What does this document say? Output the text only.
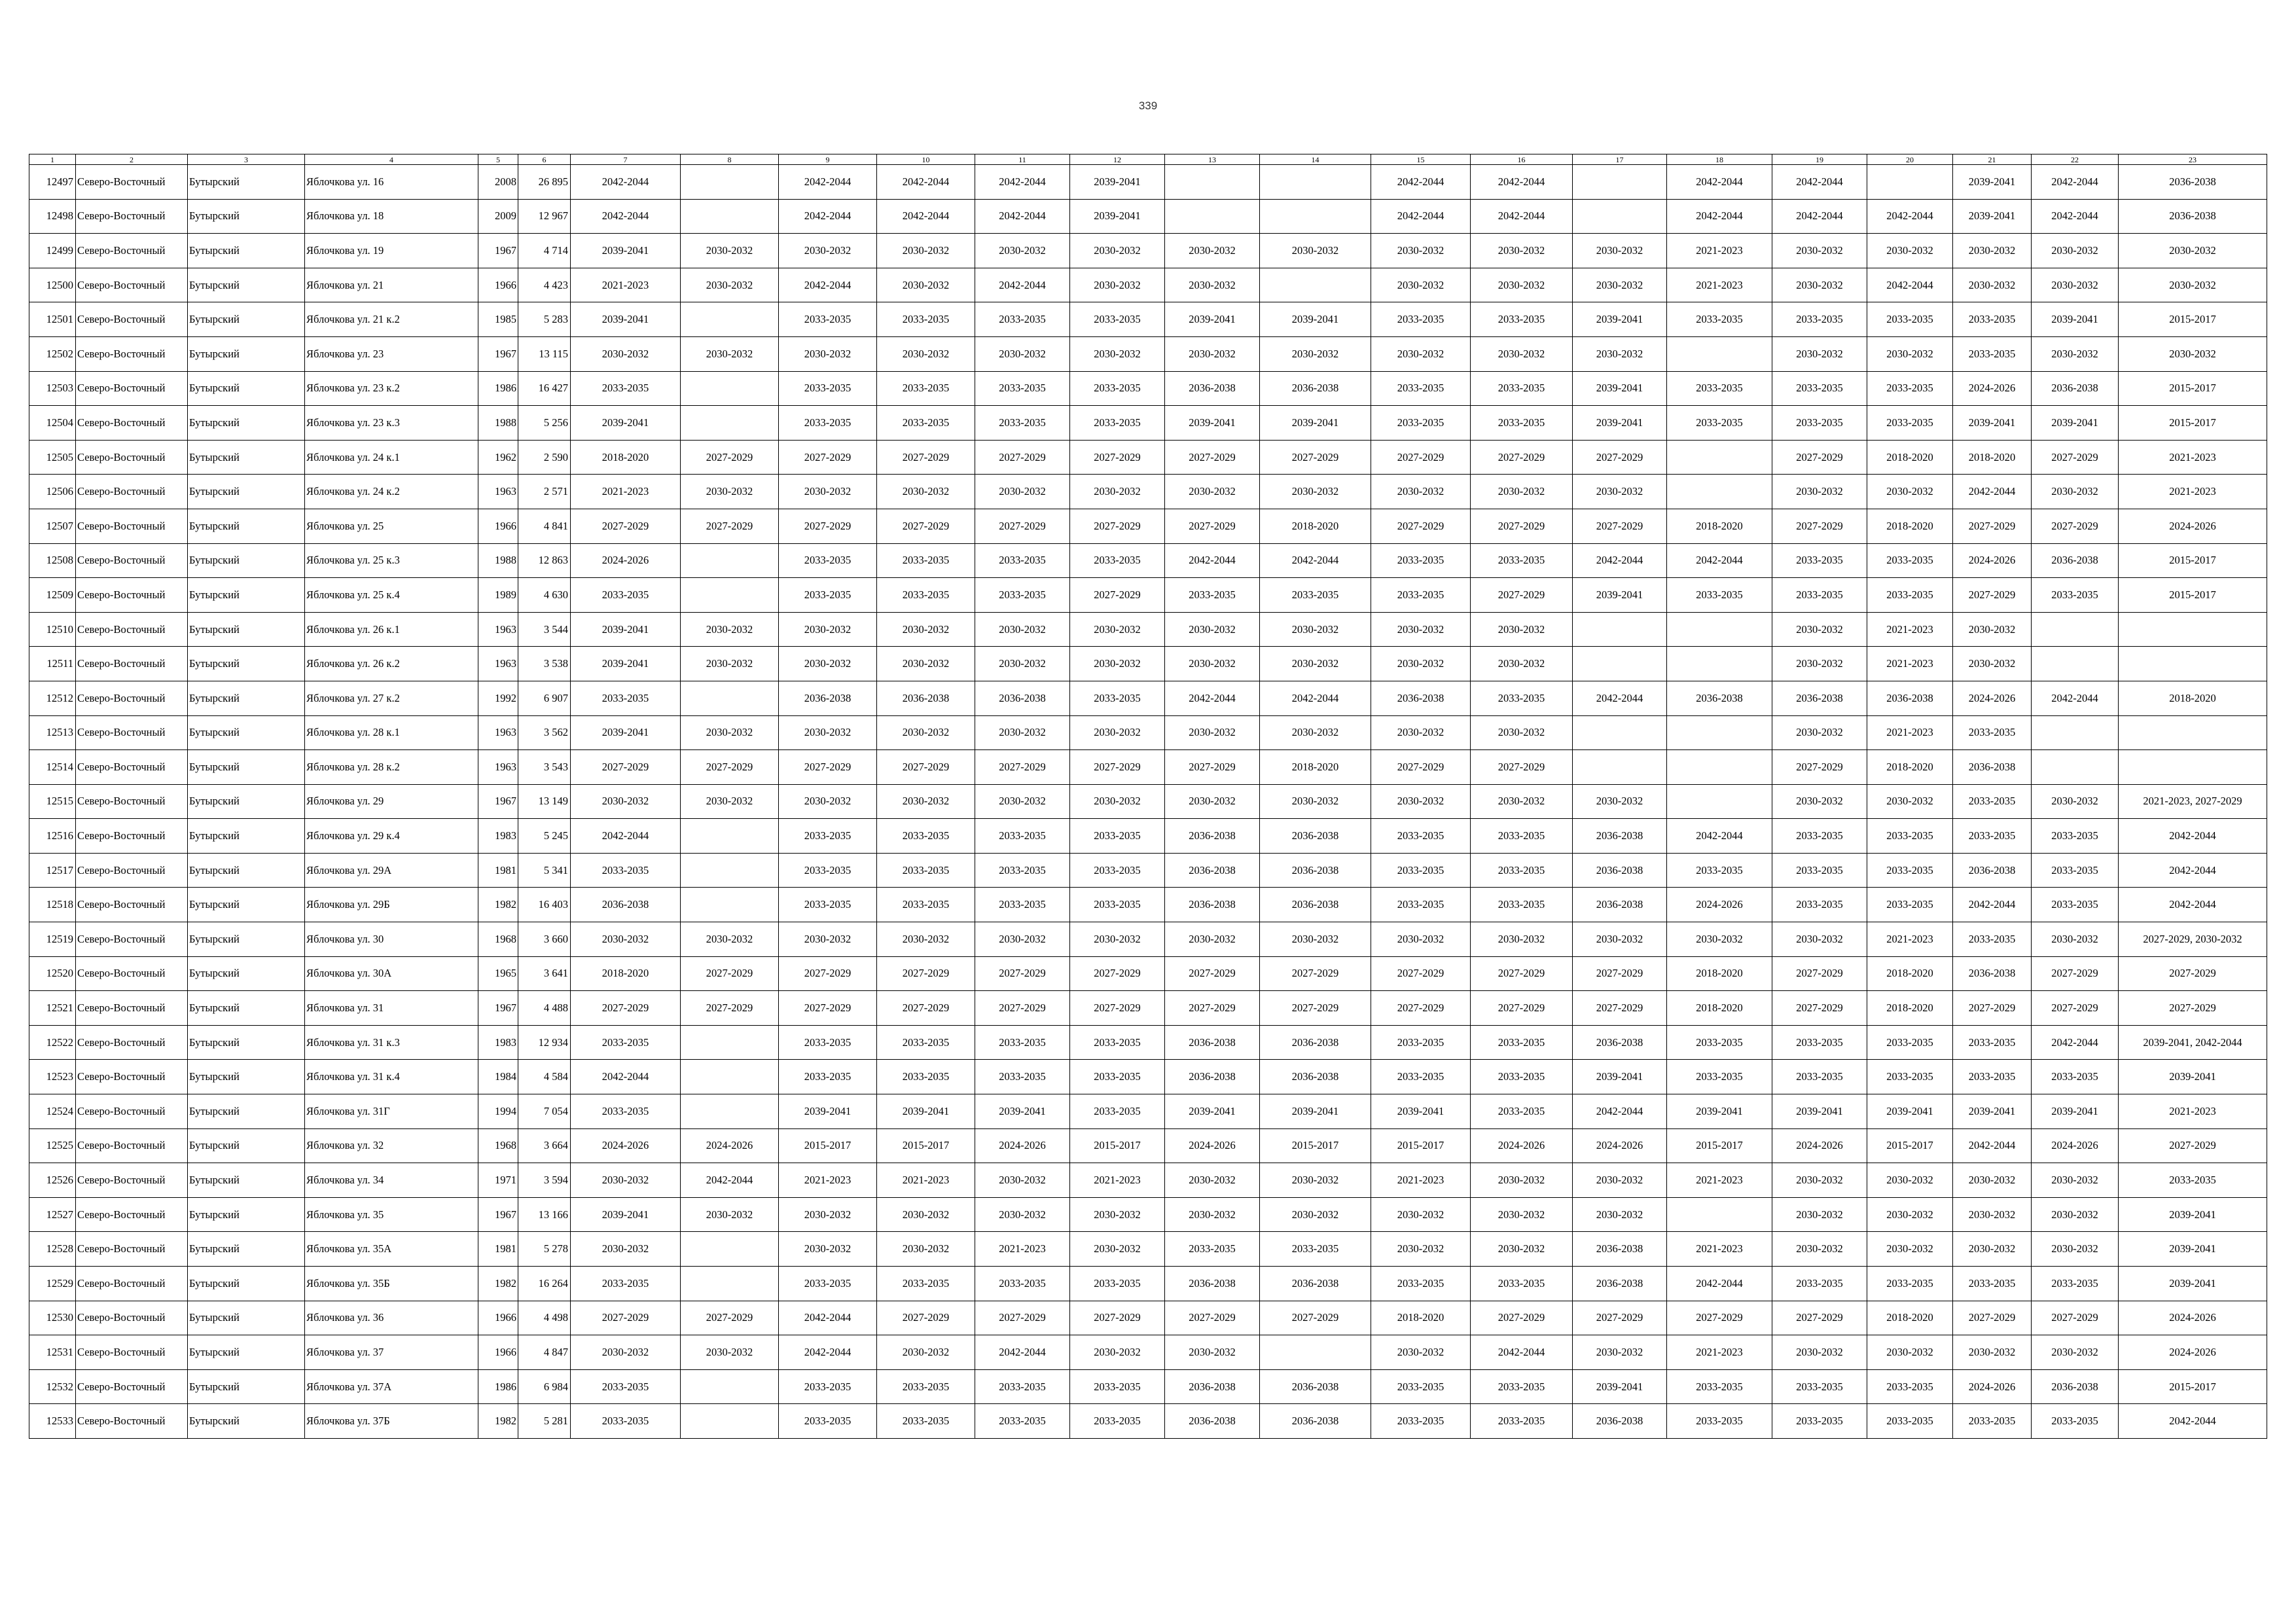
339
1	2	3	4	5	6	7	8	9	10	11	12	13	14	15	16	17	18	19	20	21	22	23
12497	Северо-Восточный	Бутырский	Яблочкова ул. 16	2008	26 895	2042-2044		2042-2044	2042-2044	2042-2044	2039-2041			2042-2044	2042-2044		2042-2044	2042-2044		2039-2041	2042-2044	2036-2038
12498	Северо-Восточный	Бутырский	Яблочкова ул. 18	2009	12 967	2042-2044		2042-2044	2042-2044	2042-2044	2039-2041			2042-2044	2042-2044		2042-2044	2042-2044	2042-2044	2039-2041	2042-2044	2036-2038
12499	Северо-Восточный	Бутырский	Яблочкова ул. 19	1967	4 714	2039-2041	2030-2032	2030-2032	2030-2032	2030-2032	2030-2032	2030-2032	2030-2032	2030-2032	2030-2032	2030-2032	2021-2023	2030-2032	2030-2032	2030-2032	2030-2032	2030-2032
12500	Северо-Восточный	Бутырский	Яблочкова ул. 21	1966	4 423	2021-2023	2030-2032	2042-2044	2030-2032	2042-2044	2030-2032	2030-2032		2030-2032	2030-2032	2030-2032	2021-2023	2030-2032	2042-2044	2030-2032	2030-2032	2030-2032
12501	Северо-Восточный	Бутырский	Яблочкова ул. 21 к.2	1985	5 283	2039-2041		2033-2035	2033-2035	2033-2035	2033-2035	2039-2041	2039-2041	2033-2035	2033-2035	2039-2041	2033-2035	2033-2035	2033-2035	2033-2035	2039-2041	2015-2017
12502	Северо-Восточный	Бутырский	Яблочкова ул. 23	1967	13 115	2030-2032	2030-2032	2030-2032	2030-2032	2030-2032	2030-2032	2030-2032	2030-2032	2030-2032	2030-2032	2030-2032		2030-2032	2030-2032	2033-2035	2030-2032	2030-2032
12503	Северо-Восточный	Бутырский	Яблочкова ул. 23 к.2	1986	16 427	2033-2035		2033-2035	2033-2035	2033-2035	2033-2035	2036-2038	2036-2038	2033-2035	2033-2035	2039-2041	2033-2035	2033-2035	2033-2035	2024-2026	2036-2038	2015-2017
12504	Северо-Восточный	Бутырский	Яблочкова ул. 23 к.3	1988	5 256	2039-2041		2033-2035	2033-2035	2033-2035	2033-2035	2039-2041	2039-2041	2033-2035	2033-2035	2039-2041	2033-2035	2033-2035	2033-2035	2039-2041	2039-2041	2015-2017
12505	Северо-Восточный	Бутырский	Яблочкова ул. 24 к.1	1962	2 590	2018-2020	2027-2029	2027-2029	2027-2029	2027-2029	2027-2029	2027-2029	2027-2029	2027-2029	2027-2029	2027-2029		2027-2029	2018-2020	2018-2020	2027-2029	2021-2023
12506	Северо-Восточный	Бутырский	Яблочкова ул. 24 к.2	1963	2 571	2021-2023	2030-2032	2030-2032	2030-2032	2030-2032	2030-2032	2030-2032	2030-2032	2030-2032	2030-2032	2030-2032		2030-2032	2030-2032	2042-2044	2030-2032	2021-2023
12507	Северо-Восточный	Бутырский	Яблочкова ул. 25	1966	4 841	2027-2029	2027-2029	2027-2029	2027-2029	2027-2029	2027-2029	2027-2029	2018-2020	2027-2029	2027-2029	2027-2029	2018-2020	2027-2029	2018-2020	2027-2029	2027-2029	2024-2026
12508	Северо-Восточный	Бутырский	Яблочкова ул. 25 к.3	1988	12 863	2024-2026		2033-2035	2033-2035	2033-2035	2033-2035	2042-2044	2042-2044	2033-2035	2033-2035	2042-2044	2042-2044	2033-2035	2033-2035	2024-2026	2036-2038	2015-2017
12509	Северо-Восточный	Бутырский	Яблочкова ул. 25 к.4	1989	4 630	2033-2035		2033-2035	2033-2035	2033-2035	2027-2029	2033-2035	2033-2035	2033-2035	2027-2029	2039-2041	2033-2035	2033-2035	2033-2035	2027-2029	2033-2035	2015-2017
12510	Северо-Восточный	Бутырский	Яблочкова ул. 26 к.1	1963	3 544	2039-2041	2030-2032	2030-2032	2030-2032	2030-2032	2030-2032	2030-2032	2030-2032	2030-2032	2030-2032			2030-2032	2021-2023	2030-2032		
12511	Северо-Восточный	Бутырский	Яблочкова ул. 26 к.2	1963	3 538	2039-2041	2030-2032	2030-2032	2030-2032	2030-2032	2030-2032	2030-2032	2030-2032	2030-2032	2030-2032			2030-2032	2021-2023	2030-2032		
12512	Северо-Восточный	Бутырский	Яблочкова ул. 27 к.2	1992	6 907	2033-2035		2036-2038	2036-2038	2036-2038	2033-2035	2042-2044	2042-2044	2036-2038	2033-2035	2042-2044	2036-2038	2036-2038	2036-2038	2024-2026	2042-2044	2018-2020
12513	Северо-Восточный	Бутырский	Яблочкова ул. 28 к.1	1963	3 562	2039-2041	2030-2032	2030-2032	2030-2032	2030-2032	2030-2032	2030-2032	2030-2032	2030-2032	2030-2032			2030-2032	2021-2023	2033-2035		
12514	Северо-Восточный	Бутырский	Яблочкова ул. 28 к.2	1963	3 543	2027-2029	2027-2029	2027-2029	2027-2029	2027-2029	2027-2029	2027-2029	2018-2020	2027-2029	2027-2029			2027-2029	2018-2020	2036-2038		
12515	Северо-Восточный	Бутырский	Яблочкова ул. 29	1967	13 149	2030-2032	2030-2032	2030-2032	2030-2032	2030-2032	2030-2032	2030-2032	2030-2032	2030-2032	2030-2032	2030-2032		2030-2032	2030-2032	2033-2035	2030-2032	2021-2023, 2027-2029
12516	Северо-Восточный	Бутырский	Яблочкова ул. 29 к.4	1983	5 245	2042-2044		2033-2035	2033-2035	2033-2035	2033-2035	2036-2038	2036-2038	2033-2035	2033-2035	2036-2038	2042-2044	2033-2035	2033-2035	2033-2035	2033-2035	2042-2044
12517	Северо-Восточный	Бутырский	Яблочкова ул. 29А	1981	5 341	2033-2035		2033-2035	2033-2035	2033-2035	2033-2035	2036-2038	2036-2038	2033-2035	2033-2035	2036-2038	2033-2035	2033-2035	2033-2035	2036-2038	2033-2035	2042-2044
12518	Северо-Восточный	Бутырский	Яблочкова ул. 29Б	1982	16 403	2036-2038		2033-2035	2033-2035	2033-2035	2033-2035	2036-2038	2036-2038	2033-2035	2033-2035	2036-2038	2024-2026	2033-2035	2033-2035	2042-2044	2033-2035	2042-2044
12519	Северо-Восточный	Бутырский	Яблочкова ул. 30	1968	3 660	2030-2032	2030-2032	2030-2032	2030-2032	2030-2032	2030-2032	2030-2032	2030-2032	2030-2032	2030-2032	2030-2032	2030-2032	2030-2032	2021-2023	2033-2035	2030-2032	2027-2029, 2030-2032
12520	Северо-Восточный	Бутырский	Яблочкова ул. 30А	1965	3 641	2018-2020	2027-2029	2027-2029	2027-2029	2027-2029	2027-2029	2027-2029	2027-2029	2027-2029	2027-2029	2027-2029	2018-2020	2027-2029	2018-2020	2036-2038	2027-2029	2027-2029
12521	Северо-Восточный	Бутырский	Яблочкова ул. 31	1967	4 488	2027-2029	2027-2029	2027-2029	2027-2029	2027-2029	2027-2029	2027-2029	2027-2029	2027-2029	2027-2029	2027-2029	2018-2020	2027-2029	2018-2020	2027-2029	2027-2029	2027-2029
12522	Северо-Восточный	Бутырский	Яблочкова ул. 31 к.3	1983	12 934	2033-2035		2033-2035	2033-2035	2033-2035	2033-2035	2036-2038	2036-2038	2033-2035	2033-2035	2036-2038	2033-2035	2033-2035	2033-2035	2033-2035	2042-2044	2039-2041, 2042-2044
12523	Северо-Восточный	Бутырский	Яблочкова ул. 31 к.4	1984	4 584	2042-2044		2033-2035	2033-2035	2033-2035	2033-2035	2036-2038	2036-2038	2033-2035	2033-2035	2039-2041	2033-2035	2033-2035	2033-2035	2033-2035	2033-2035	2039-2041
12524	Северо-Восточный	Бутырский	Яблочкова ул. 31Г	1994	7 054	2033-2035		2039-2041	2039-2041	2039-2041	2033-2035	2039-2041	2039-2041	2039-2041	2033-2035	2042-2044	2039-2041	2039-2041	2039-2041	2039-2041	2039-2041	2021-2023
12525	Северо-Восточный	Бутырский	Яблочкова ул. 32	1968	3 664	2024-2026	2024-2026	2015-2017	2015-2017	2024-2026	2015-2017	2024-2026	2015-2017	2015-2017	2024-2026	2024-2026	2015-2017	2024-2026	2015-2017	2042-2044	2024-2026	2027-2029
12526	Северо-Восточный	Бутырский	Яблочкова ул. 34	1971	3 594	2030-2032	2042-2044	2021-2023	2021-2023	2030-2032	2021-2023	2030-2032	2030-2032	2021-2023	2030-2032	2030-2032	2021-2023	2030-2032	2030-2032	2030-2032	2030-2032	2033-2035
12527	Северо-Восточный	Бутырский	Яблочкова ул. 35	1967	13 166	2039-2041	2030-2032	2030-2032	2030-2032	2030-2032	2030-2032	2030-2032	2030-2032	2030-2032	2030-2032	2030-2032		2030-2032	2030-2032	2030-2032	2030-2032	2039-2041
12528	Северо-Восточный	Бутырский	Яблочкова ул. 35А	1981	5 278	2030-2032		2030-2032	2030-2032	2021-2023	2030-2032	2033-2035	2033-2035	2030-2032	2030-2032	2036-2038	2021-2023	2030-2032	2030-2032	2030-2032	2030-2032	2039-2041
12529	Северо-Восточный	Бутырский	Яблочкова ул. 35Б	1982	16 264	2033-2035		2033-2035	2033-2035	2033-2035	2033-2035	2036-2038	2036-2038	2033-2035	2033-2035	2036-2038	2042-2044	2033-2035	2033-2035	2033-2035	2033-2035	2039-2041
12530	Северо-Восточный	Бутырский	Яблочкова ул. 36	1966	4 498	2027-2029	2027-2029	2042-2044	2027-2029	2027-2029	2027-2029	2027-2029	2027-2029	2018-2020	2027-2029	2027-2029	2027-2029	2027-2029	2018-2020	2027-2029	2027-2029	2024-2026
12531	Северо-Восточный	Бутырский	Яблочкова ул. 37	1966	4 847	2030-2032	2030-2032	2042-2044	2030-2032	2042-2044	2030-2032	2030-2032		2030-2032	2042-2044	2030-2032	2021-2023	2030-2032	2030-2032	2030-2032	2030-2032	2024-2026
12532	Северо-Восточный	Бутырский	Яблочкова ул. 37А	1986	6 984	2033-2035		2033-2035	2033-2035	2033-2035	2033-2035	2036-2038	2036-2038	2033-2035	2033-2035	2039-2041	2033-2035	2033-2035	2033-2035	2024-2026	2036-2038	2015-2017
12533	Северо-Восточный	Бутырский	Яблочкова ул. 37Б	1982	5 281	2033-2035		2033-2035	2033-2035	2033-2035	2033-2035	2036-2038	2036-2038	2033-2035	2033-2035	2036-2038	2033-2035	2033-2035	2033-2035	2033-2035	2033-2035	2042-2044
